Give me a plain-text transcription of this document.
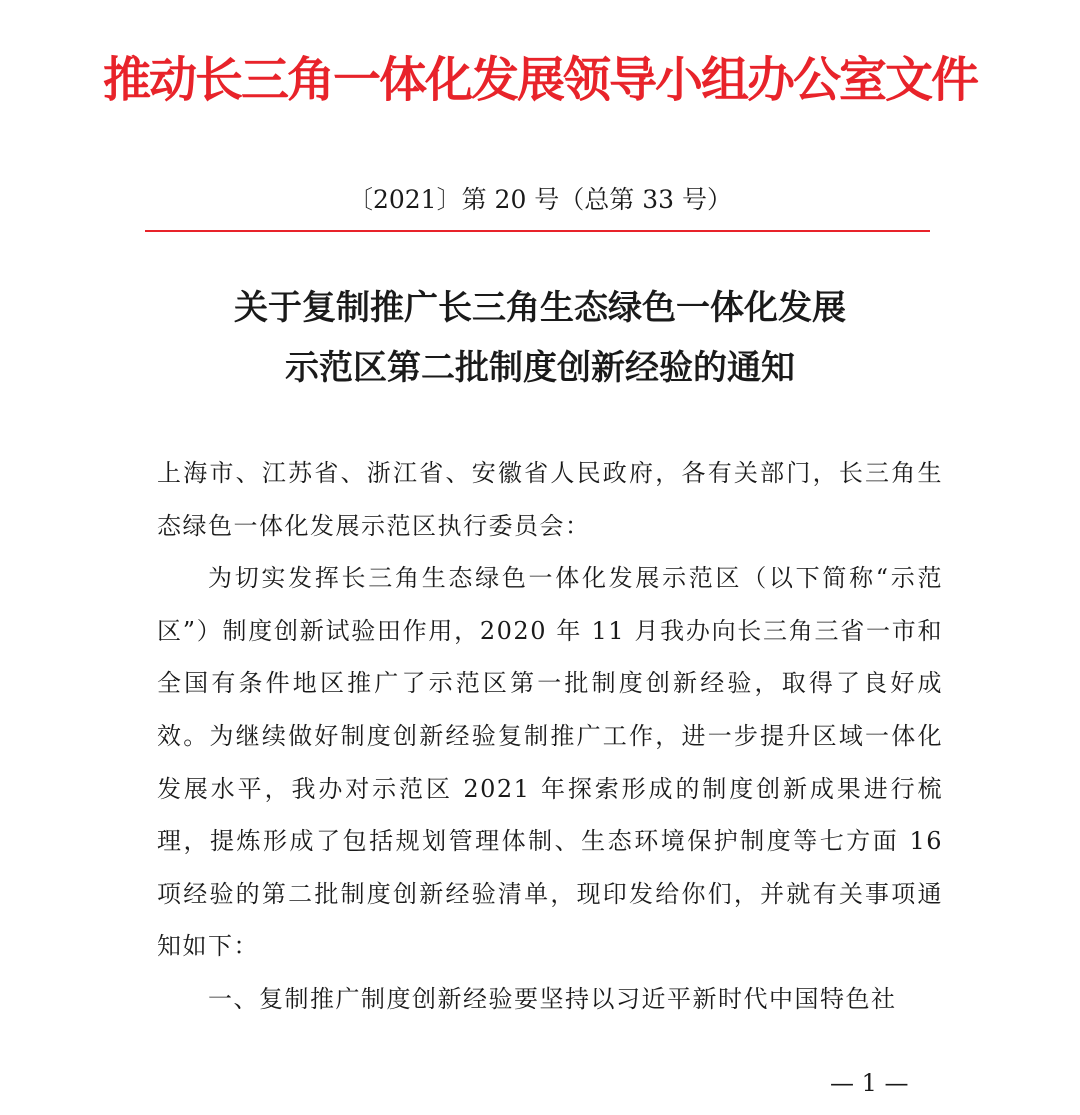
推动长三角一体化发展领导小组办公室文件
〔2021〕第 20 号（总第 33 号）
关于复制推广长三角生态绿色一体化发展
示范区第二批制度创新经验的通知

上海市、江苏省、浙江省、安徽省人民政府，各有关部门，长三角生态绿色一体化发展示范区执行委员会：

为切实发挥长三角生态绿色一体化发展示范区（以下简称“示范区”）制度创新试验田作用，2020 年 11 月我办向长三角三省一市和全国有条件地区推广了示范区第一批制度创新经验，取得了良好成效。为继续做好制度创新经验复制推广工作，进一步提升区域一体化发展水平，我办对示范区 2021 年探索形成的制度创新成果进行梳理，提炼形成了包括规划管理体制、生态环境保护制度等七方面 16 项经验的第二批制度创新经验清单，现印发给你们，并就有关事项通知如下：

一、复制推广制度创新经验要坚持以习近平新时代中国特色社

— 1 —
